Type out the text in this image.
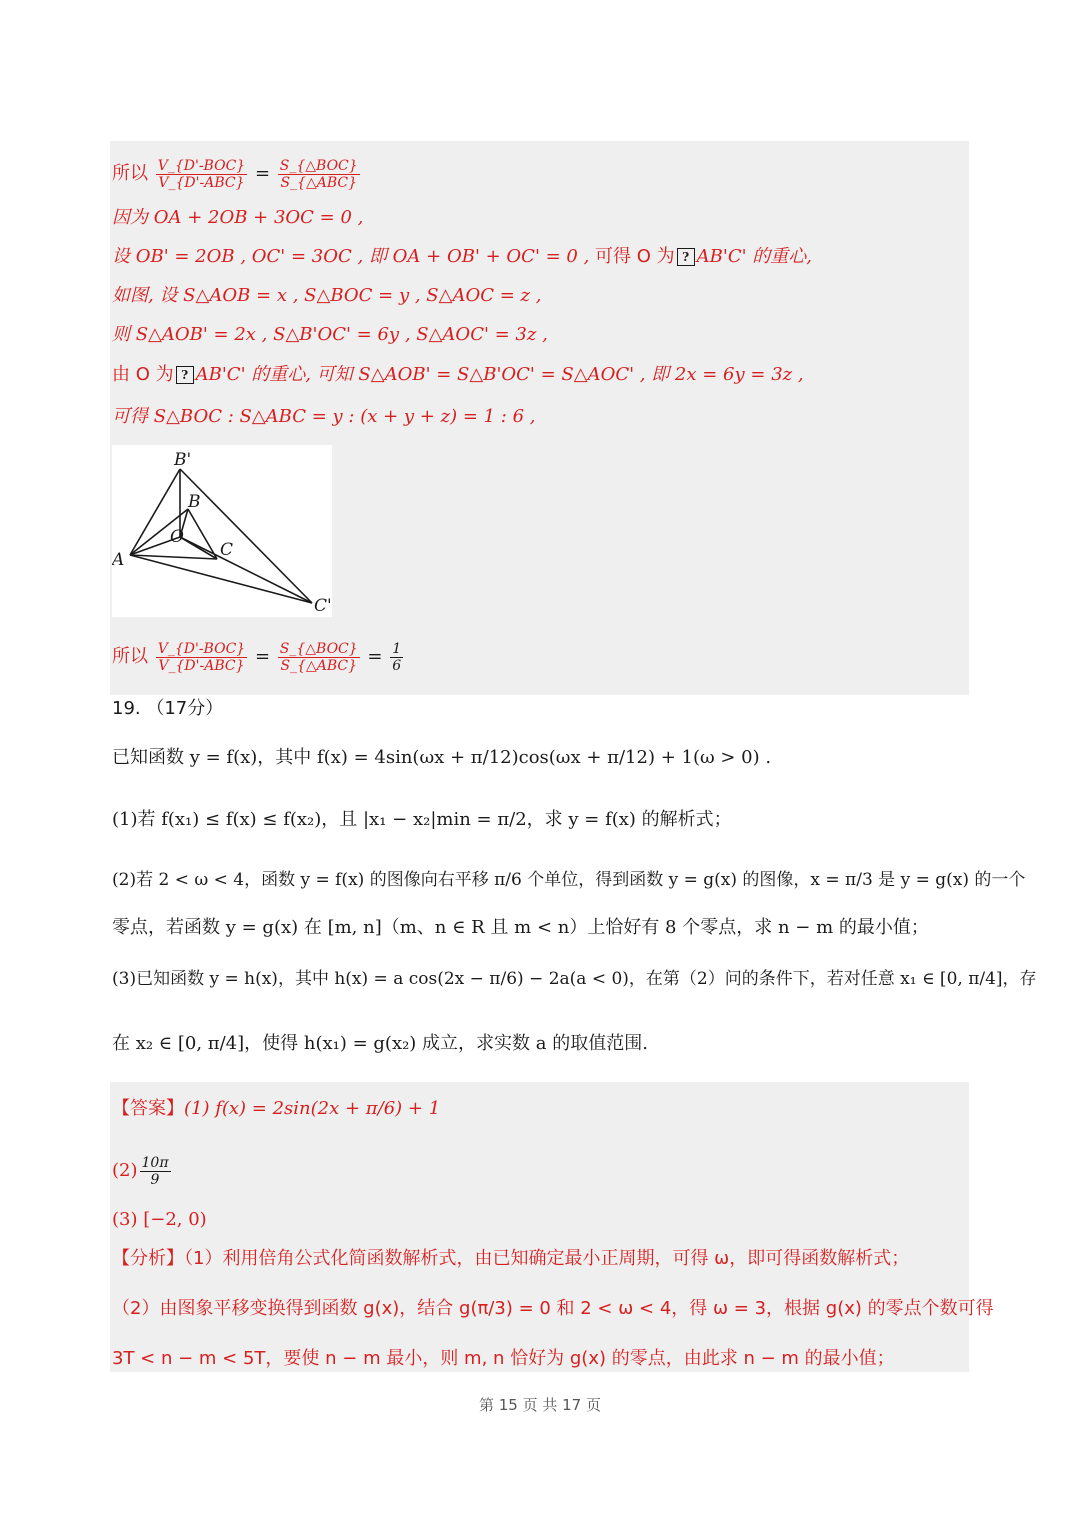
所以 $\frac{\text{V\_\{D'-BOC\}}}{\text{V\_\{D'-ABC\}}} = \frac{\text{S\_\{△BOC\}}}{\text{S\_\{△ABC\}}}$
因为 OA + 2OB + 3OC = 0 ,
设 OB' = 2OB , OC' = 3OC , 即 OA + OB' + OC' = 0 , 可得 O 为 ? AB'C' 的重心,
如图, 设 S△AOB = x , S△BOC = y , S△AOC = z ,
则 S△AOB' = 2x , S△B'OC' = 6y , S△AOC' = 3z ,
由 O 为 ? AB'C' 的重心, 可知 S△AOB' = S△B'OC' = S△AOC' , 即 2x = 6y = 3z ,
可得 S△BOC : S△ABC = y : (x + y + z) = 1 : 6 ,
B'
B
O
C
A
C'
所以 $\frac{\text{V\_\{D'-BOC\}}}{\text{V\_\{D'-ABC\}}} = \frac{\text{S\_\{△BOC\}}}{\text{S\_\{△ABC\}}} = \frac{1}{6}$
19. （17分）
已知函数 y = f(x)，其中 f(x) = 4sin(ωx + π/12)cos(ωx + π/12) + 1(ω > 0) .
(1)若 f(x₁) ≤ f(x) ≤ f(x₂)，且 |x₁ − x₂|min = π/2，求 y = f(x) 的解析式；
(2)若 2 < ω < 4，函数 y = f(x) 的图像向右平移 π/6 个单位，得到函数 y = g(x) 的图像，x = π/3 是 y = g(x) 的一个
零点，若函数 y = g(x) 在 [m, n]（m、n ∈ R 且 m < n）上恰好有 8 个零点，求 n − m 的最小值；
(3)已知函数 y = h(x)，其中 h(x) = a cos(2x − π/6) − 2a(a < 0)，在第（2）问的条件下，若对任意 x₁ ∈ [0, π/4]，存
在 x₂ ∈ [0, π/4]，使得 h(x₁) = g(x₂) 成立，求实数 a 的取值范围.
【答案】(1) f(x) = 2sin(2x + π/6) + 1
$(2) \frac{10\pi}{9}$
(3) [−2, 0)
【分析】（1）利用倍角公式化简函数解析式，由已知确定最小正周期，可得 ω，即可得函数解析式；
（2）由图象平移变换得到函数 g(x)，结合 g(π/3) = 0 和 2 < ω < 4，得 ω = 3，根据 g(x) 的零点个数可得
3T < n − m < 5T，要使 n − m 最小，则 m, n 恰好为 g(x) 的零点，由此求 n − m 的最小值；
第 15 页 共 17 页
